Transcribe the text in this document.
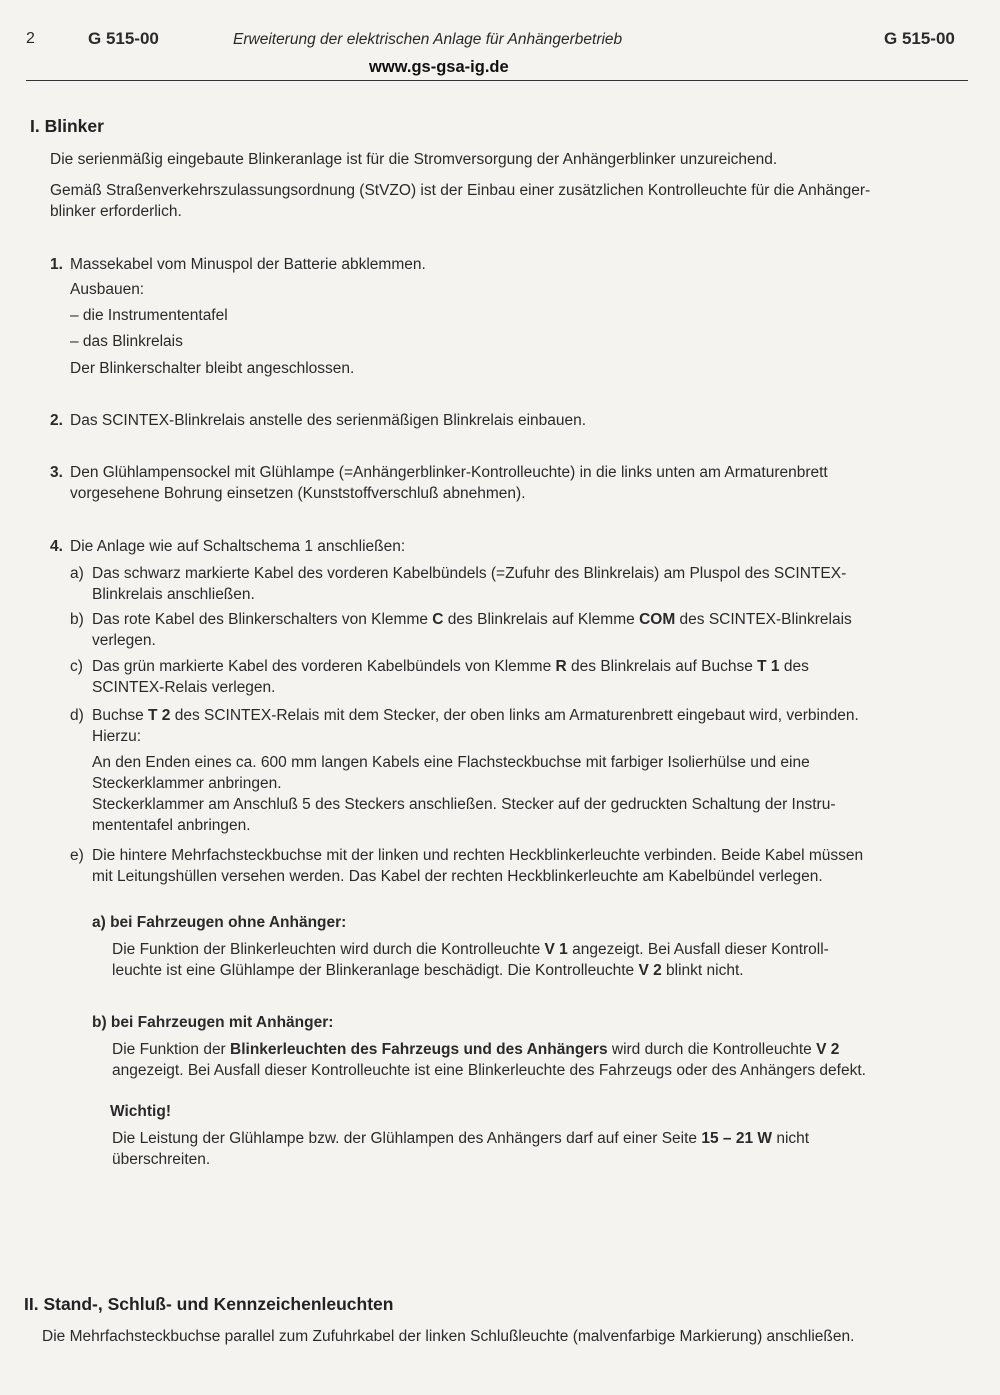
2	G 515-00	Erweiterung der elektrischen Anlage für Anhängerbetrieb	G 515-00
www.gs-gsa-ig.de
I. Blinker
Die serienmäßig eingebaute Blinkeranlage ist für die Stromversorgung der Anhängerblinker unzureichend.
Gemäß Straßenverkehrszulassungsordnung (StVZO) ist der Einbau einer zusätzlichen Kontrolleuchte für die Anhänger-
blinker erforderlich.
1. Massekabel vom Minuspol der Batterie abklemmen.
Ausbauen:
– die Instrumententafel
– das Blinkrelais
Der Blinkerschalter bleibt angeschlossen.
2. Das SCINTEX-Blinkrelais anstelle des serienmäßigen Blinkrelais einbauen.
3. Den Glühlampensockel mit Glühlampe (=Anhängerblinker-Kontrolleuchte) in die links unten am Armaturenbrett
vorgesehene Bohrung einsetzen (Kunststoffverschluß abnehmen).
4. Die Anlage wie auf Schaltschema 1 anschließen:
a) Das schwarz markierte Kabel des vorderen Kabelbündels (=Zufuhr des Blinkrelais) am Pluspol des SCINTEX-
Blinkrelais anschließen.
b) Das rote Kabel des Blinkerschalters von Klemme C des Blinkrelais auf Klemme COM des SCINTEX-Blinkrelais
verlegen.
c) Das grün markierte Kabel des vorderen Kabelbündels von Klemme R des Blinkrelais auf Buchse T 1 des
SCINTEX-Relais verlegen.
d) Buchse T 2 des SCINTEX-Relais mit dem Stecker, der oben links am Armaturenbrett eingebaut wird, verbinden.
Hierzu:
An den Enden eines ca. 600 mm langen Kabels eine Flachsteckbuchse mit farbiger Isolierhülse und eine
Steckerklammer anbringen.
Steckerklammer am Anschluß 5 des Steckers anschließen. Stecker auf der gedruckten Schaltung der Instru-
mententafel anbringen.
e) Die hintere Mehrfachsteckbuchse mit der linken und rechten Heckblinkerleuchte verbinden. Beide Kabel müssen
mit Leitungshüllen versehen werden. Das Kabel der rechten Heckblinkerleuchte am Kabelbündel verlegen.
a) bei Fahrzeugen ohne Anhänger:
Die Funktion der Blinkerleuchten wird durch die Kontrolleuchte V 1 angezeigt. Bei Ausfall dieser Kontroll-
leuchte ist eine Glühlampe der Blinkeranlage beschädigt. Die Kontrolleuchte V 2 blinkt nicht.
b) bei Fahrzeugen mit Anhänger:
Die Funktion der Blinkerleuchten des Fahrzeugs und des Anhängers wird durch die Kontrolleuchte V 2
angezeigt. Bei Ausfall dieser Kontrolleuchte ist eine Blinkerleuchte des Fahrzeugs oder des Anhängers defekt.
Wichtig!
Die Leistung der Glühlampe bzw. der Glühlampen des Anhängers darf auf einer Seite 15 – 21 W nicht
überschreiten.
II. Stand-, Schluß- und Kennzeichenleuchten
Die Mehrfachsteckbuchse parallel zum Zufuhrkabel der linken Schlußleuchte (malvenfarbige Markierung) anschließen.
